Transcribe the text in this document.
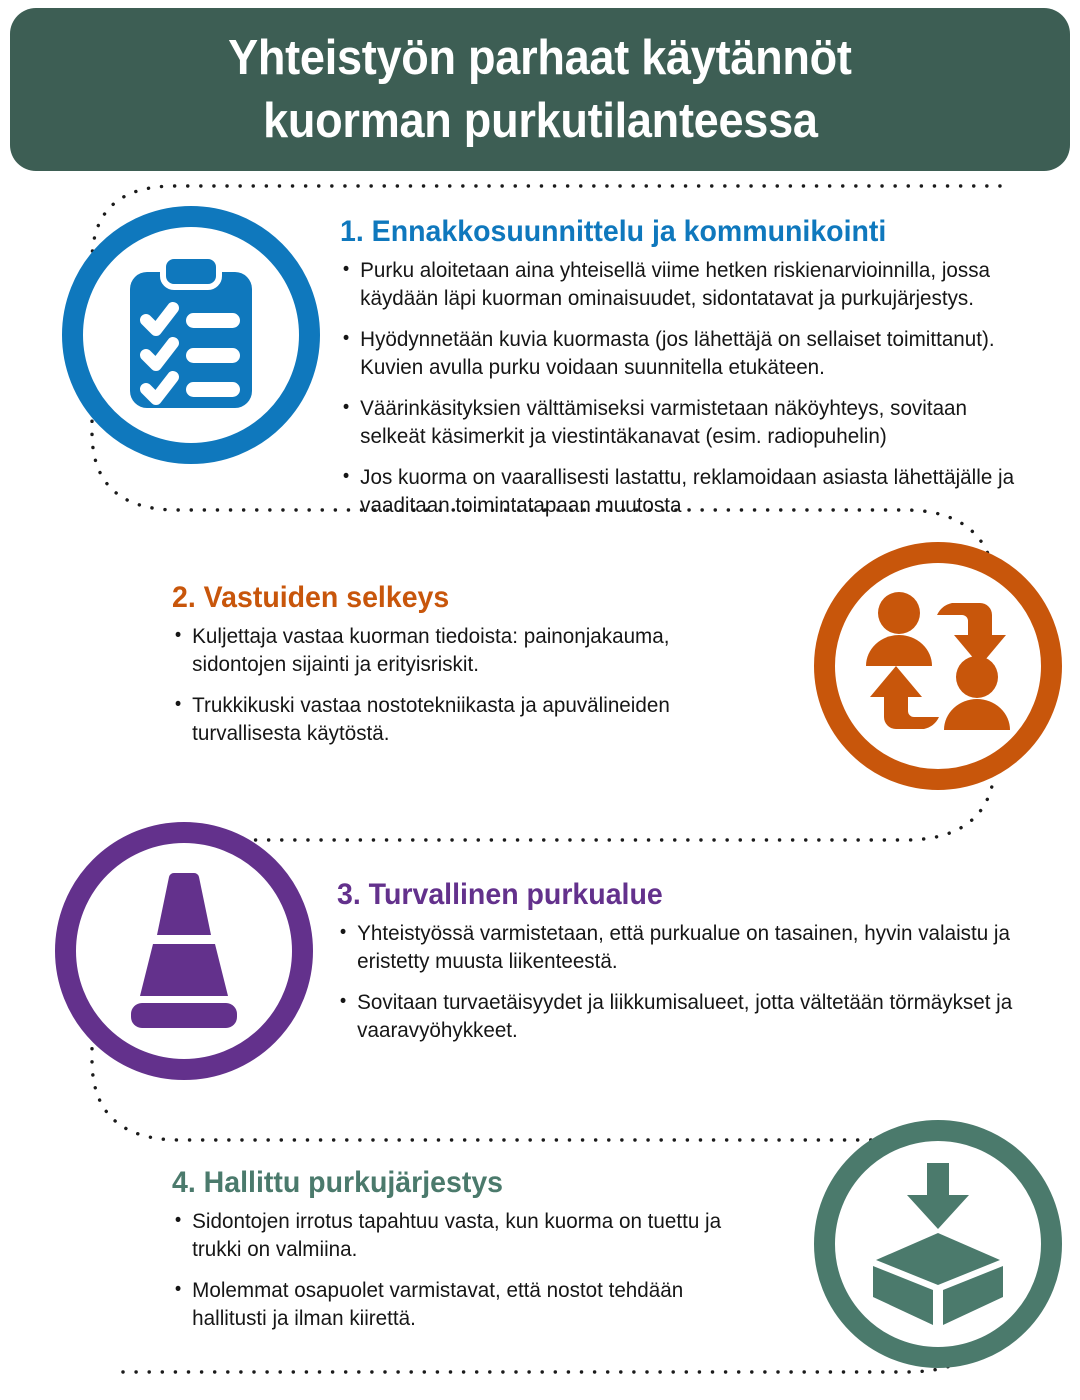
Yhteistyön parhaat käytännöt
kuorman purkutilanteessa
1. Ennakkosuunnittelu ja kommunikointi
• Purku aloitetaan aina yhteisellä viime hetken riskienarvioinnilla, jossa käydään läpi kuorman ominaisuudet, sidontatavat ja purkujärjestys.
• Hyödynnetään kuvia kuormasta (jos lähettäjä on sellaiset toimittanut). Kuvien avulla purku voidaan suunnitella etukäteen.
• Väärinkäsityksien välttämiseksi varmistetaan näköyhteys, sovitaan selkeät käsimerkit ja viestintäkanavat (esim. radiopuhelin)
• Jos kuorma on vaarallisesti lastattu, reklamoidaan asiasta lähettäjälle ja vaaditaan toimintatapaan muutosta
2. Vastuiden selkeys
• Kuljettaja vastaa kuorman tiedoista: painonjakauma, sidontojen sijainti ja erityisriskit.
• Trukkikuski vastaa nostotekniikasta ja apuvälineiden turvallisesta käytöstä.
3. Turvallinen purkualue
• Yhteistyössä varmistetaan, että purkualue on tasainen, hyvin valaistu ja eristetty muusta liikenteestä.
• Sovitaan turvaetäisyydet ja liikkumisalueet, jotta vältetään törmäykset ja vaaravyöhykkeet.
4. Hallittu purkujärjestys
• Sidontojen irrotus tapahtuu vasta, kun kuorma on tuettu ja trukki on valmiina.
• Molemmat osapuolet varmistavat, että nostot tehdään hallitusti ja ilman kiirettä.
